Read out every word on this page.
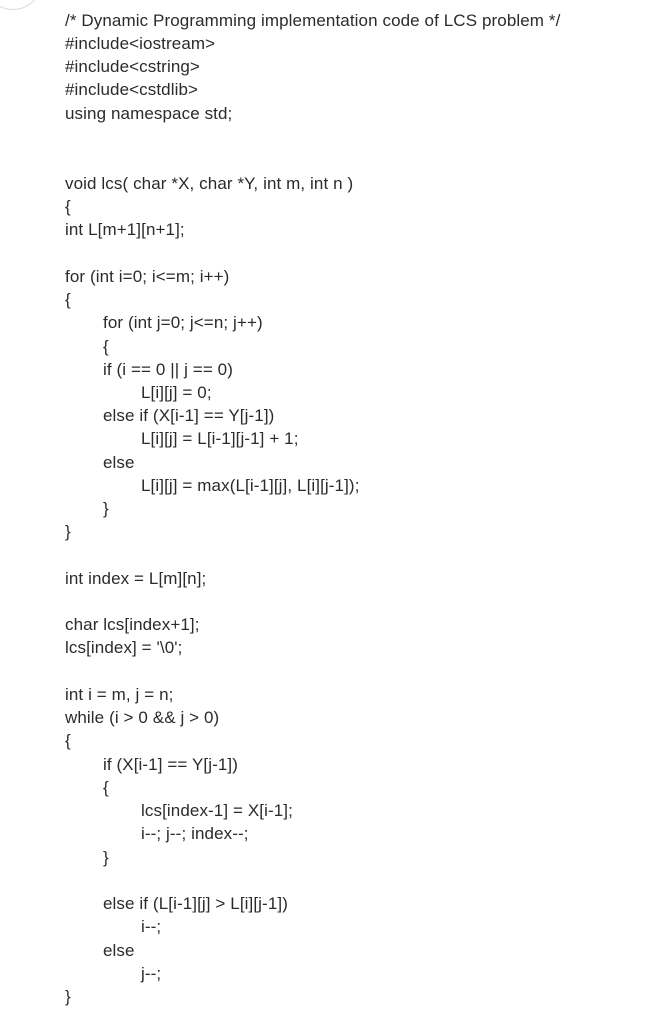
/* Dynamic Programming implementation code of LCS problem */
#include<iostream>
#include<cstring>
#include<cstdlib>
using namespace std;
void lcs( char *X, char *Y, int m, int n )
{
int L[m+1][n+1];
for (int i=0; i<=m; i++)
{
for (int j=0; j<=n; j++)
{
if (i == 0 || j == 0)
L[i][j] = 0;
else if (X[i-1] == Y[j-1])
L[i][j] = L[i-1][j-1] + 1;
else
L[i][j] = max(L[i-1][j], L[i][j-1]);
}
}
int index = L[m][n];
char lcs[index+1];
lcs[index] = '\0';
int i = m, j = n;
while (i > 0 && j > 0)
{
if (X[i-1] == Y[j-1])
{
lcs[index-1] = X[i-1];
i--; j--; index--;
}
else if (L[i-1][j] > L[i][j-1])
i--;
else
j--;
}
